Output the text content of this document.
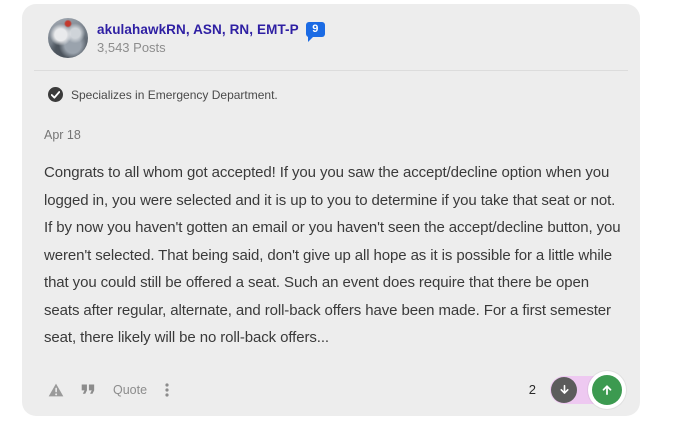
akulahawkRN, ASN, RN, EMT-P 9
3,543 Posts
Specializes in Emergency Department.
Apr 18
Congrats to all whom got accepted! If you you saw the accept/decline option when you logged in, you were selected and it is up to you to determine if you take that seat or not. If by now you haven't gotten an email or you haven't seen the accept/decline button, you weren't selected. That being said, don't give up all hope as it is possible for a little while that you could still be offered a seat. Such an event does require that there be open seats after regular, alternate, and roll-back offers have been made. For a first semester seat, there likely will be no roll-back offers...
Quote	2
